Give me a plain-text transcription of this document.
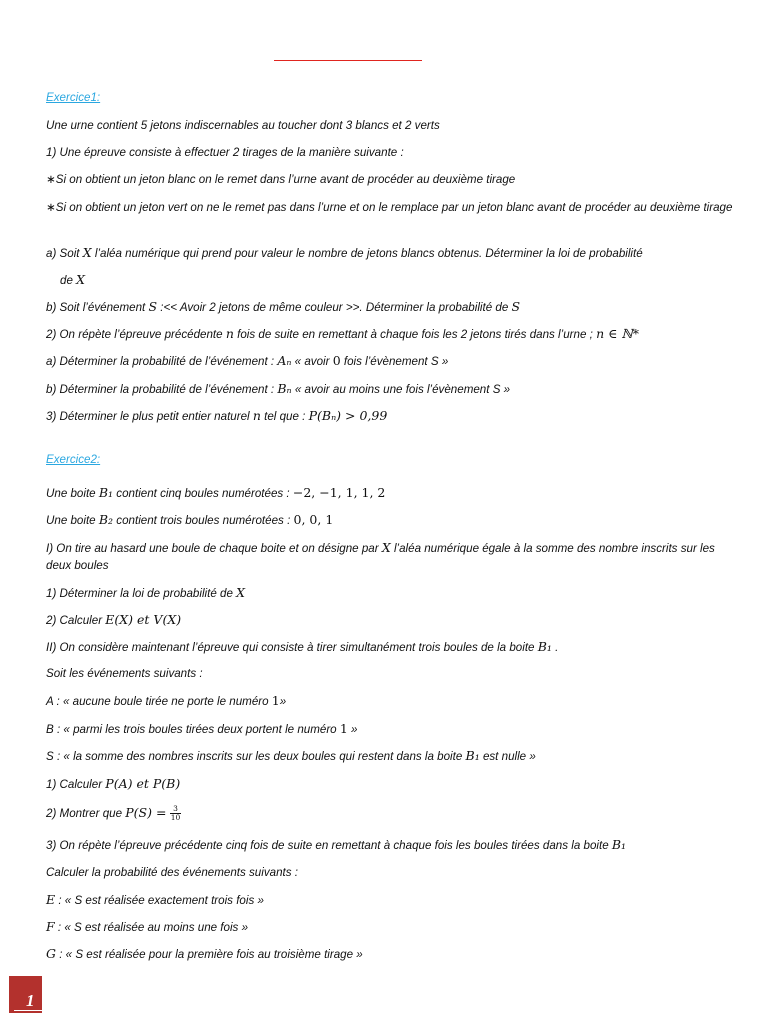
Exercice1:
Une urne contient 5 jetons indiscernables au toucher dont 3 blancs et 2 verts
1) Une épreuve consiste à effectuer 2 tirages de la manière suivante :
∗Si on obtient un jeton blanc on le remet dans l’urne avant de procéder au deuxième tirage
∗Si on obtient un jeton vert on ne le remet pas dans l’urne et on le remplace par un jeton blanc avant de procéder au deuxième tirage
a) Soit X l’aléa numérique qui prend pour valeur le nombre de jetons blancs obtenus. Déterminer la loi de probabilité
de X
b) Soit l’événement S :<< Avoir 2 jetons de même couleur >>. Déterminer la probabilité de S
2) On répète l’épreuve précédente n fois de suite en remettant à chaque fois les 2 jetons tirés dans l’urne ; n ∈ ℕ*
a) Déterminer la probabilité de l’événement : Aₙ « avoir 0 fois l’évènement S »
b) Déterminer la probabilité de l’événement : Bₙ « avoir au moins une fois l’évènement S »
3) Déterminer le plus petit entier naturel n tel que : P(Bₙ) > 0,99
Exercice2:
Une boite B₁ contient cinq boules numérotées : −2, −1, 1, 1, 2
Une boite B₂ contient trois boules numérotées : 0, 0, 1
I) On tire au hasard une boule de chaque boite et on désigne par X l’aléa numérique égale à la somme des nombre inscrits sur les deux boules
1) Déterminer la loi de probabilité de X
2) Calculer E(X) et V(X)
II) On considère maintenant l’épreuve qui consiste à tirer simultanément trois boules de la boite B₁ .
Soit les événements suivants :
A : « aucune boule tirée ne porte le numéro 1»
B : « parmi les trois boules tirées deux portent le numéro 1 »
S : « la somme des nombres inscrits sur les deux boules qui restent dans la boite B₁ est nulle »
1) Calculer P(A) et P(B)
2) Montrer que $P(S) = \frac{3}{10}$
3) On répète l’épreuve précédente cinq fois de suite en remettant à chaque fois les boules tirées dans la boite B₁
Calculer la probabilité des événements suivants :
E : « S est réalisée exactement trois fois »
F : « S est réalisée au moins une fois »
G : « S est réalisée pour la première fois au troisième tirage »
1
